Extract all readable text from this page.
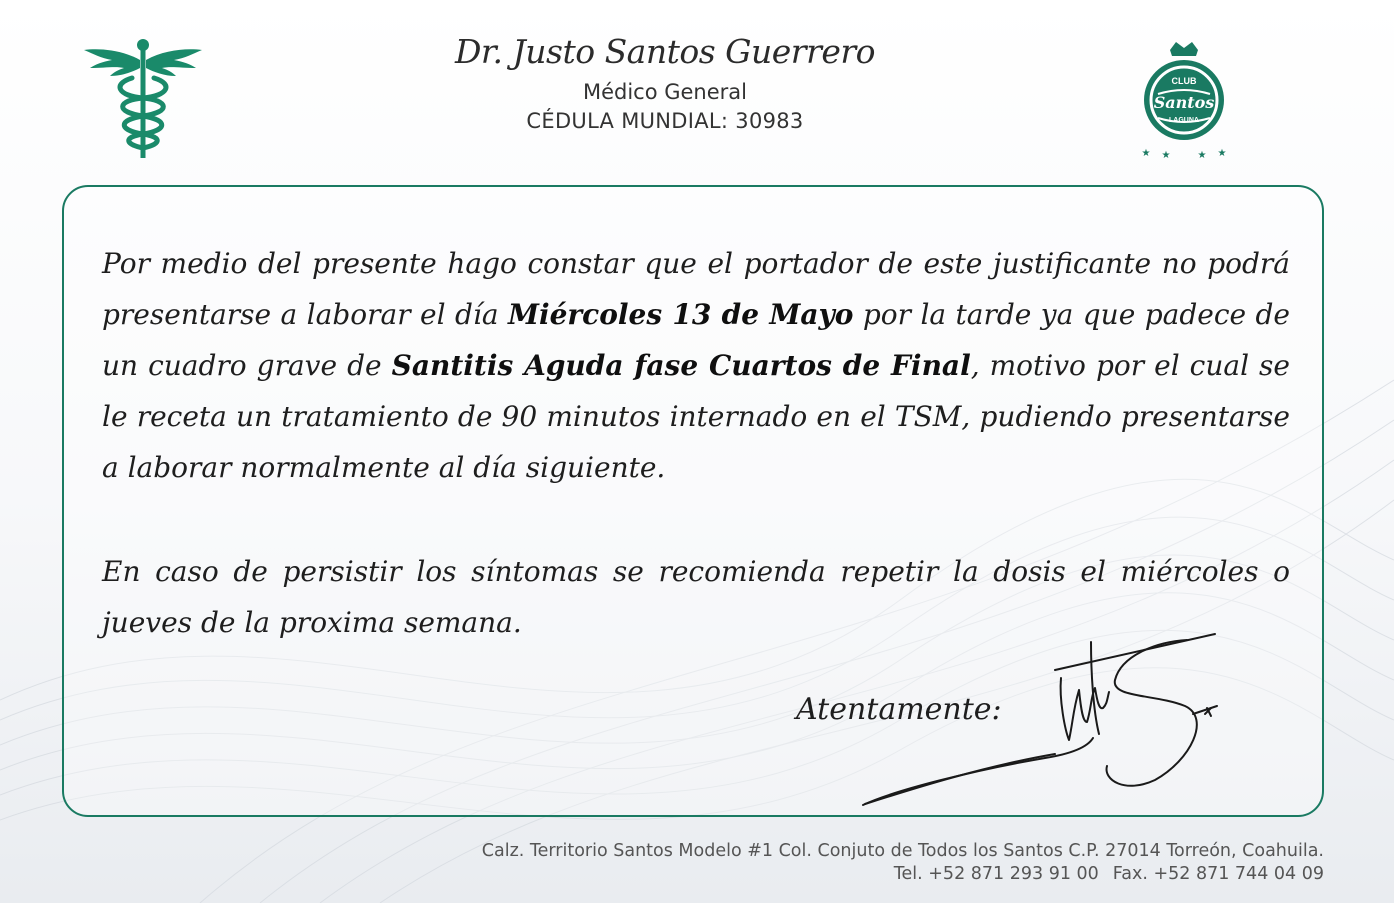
Dr. Justo Santos Guerrero
Médico General
CÉDULA MUNDIAL: 30983
CLUB
Santos
LAGUNA
★ ★	★ ★

Por medio del presente hago constar que el portador de este justificante no podrá presentarse a laborar el día Miércoles 13 de Mayo por la tarde ya que padece de un cuadro grave de Santitis Aguda fase Cuartos de Final, motivo por el cual se le receta un tratamiento de 90 minutos internado en el TSM, pudiendo presentarse a laborar normalmente al día siguiente.

En caso de persistir los síntomas se recomienda repetir la dosis el miércoles o jueves de la proxima semana.

Atentamente:
Calz. Territorio Santos Modelo #1 Col. Conjuto de Todos los Santos C.P. 27014 Torreón, Coahuila.
Tel. +52 871 293 91 00 Fax. +52 871 744 04 09
